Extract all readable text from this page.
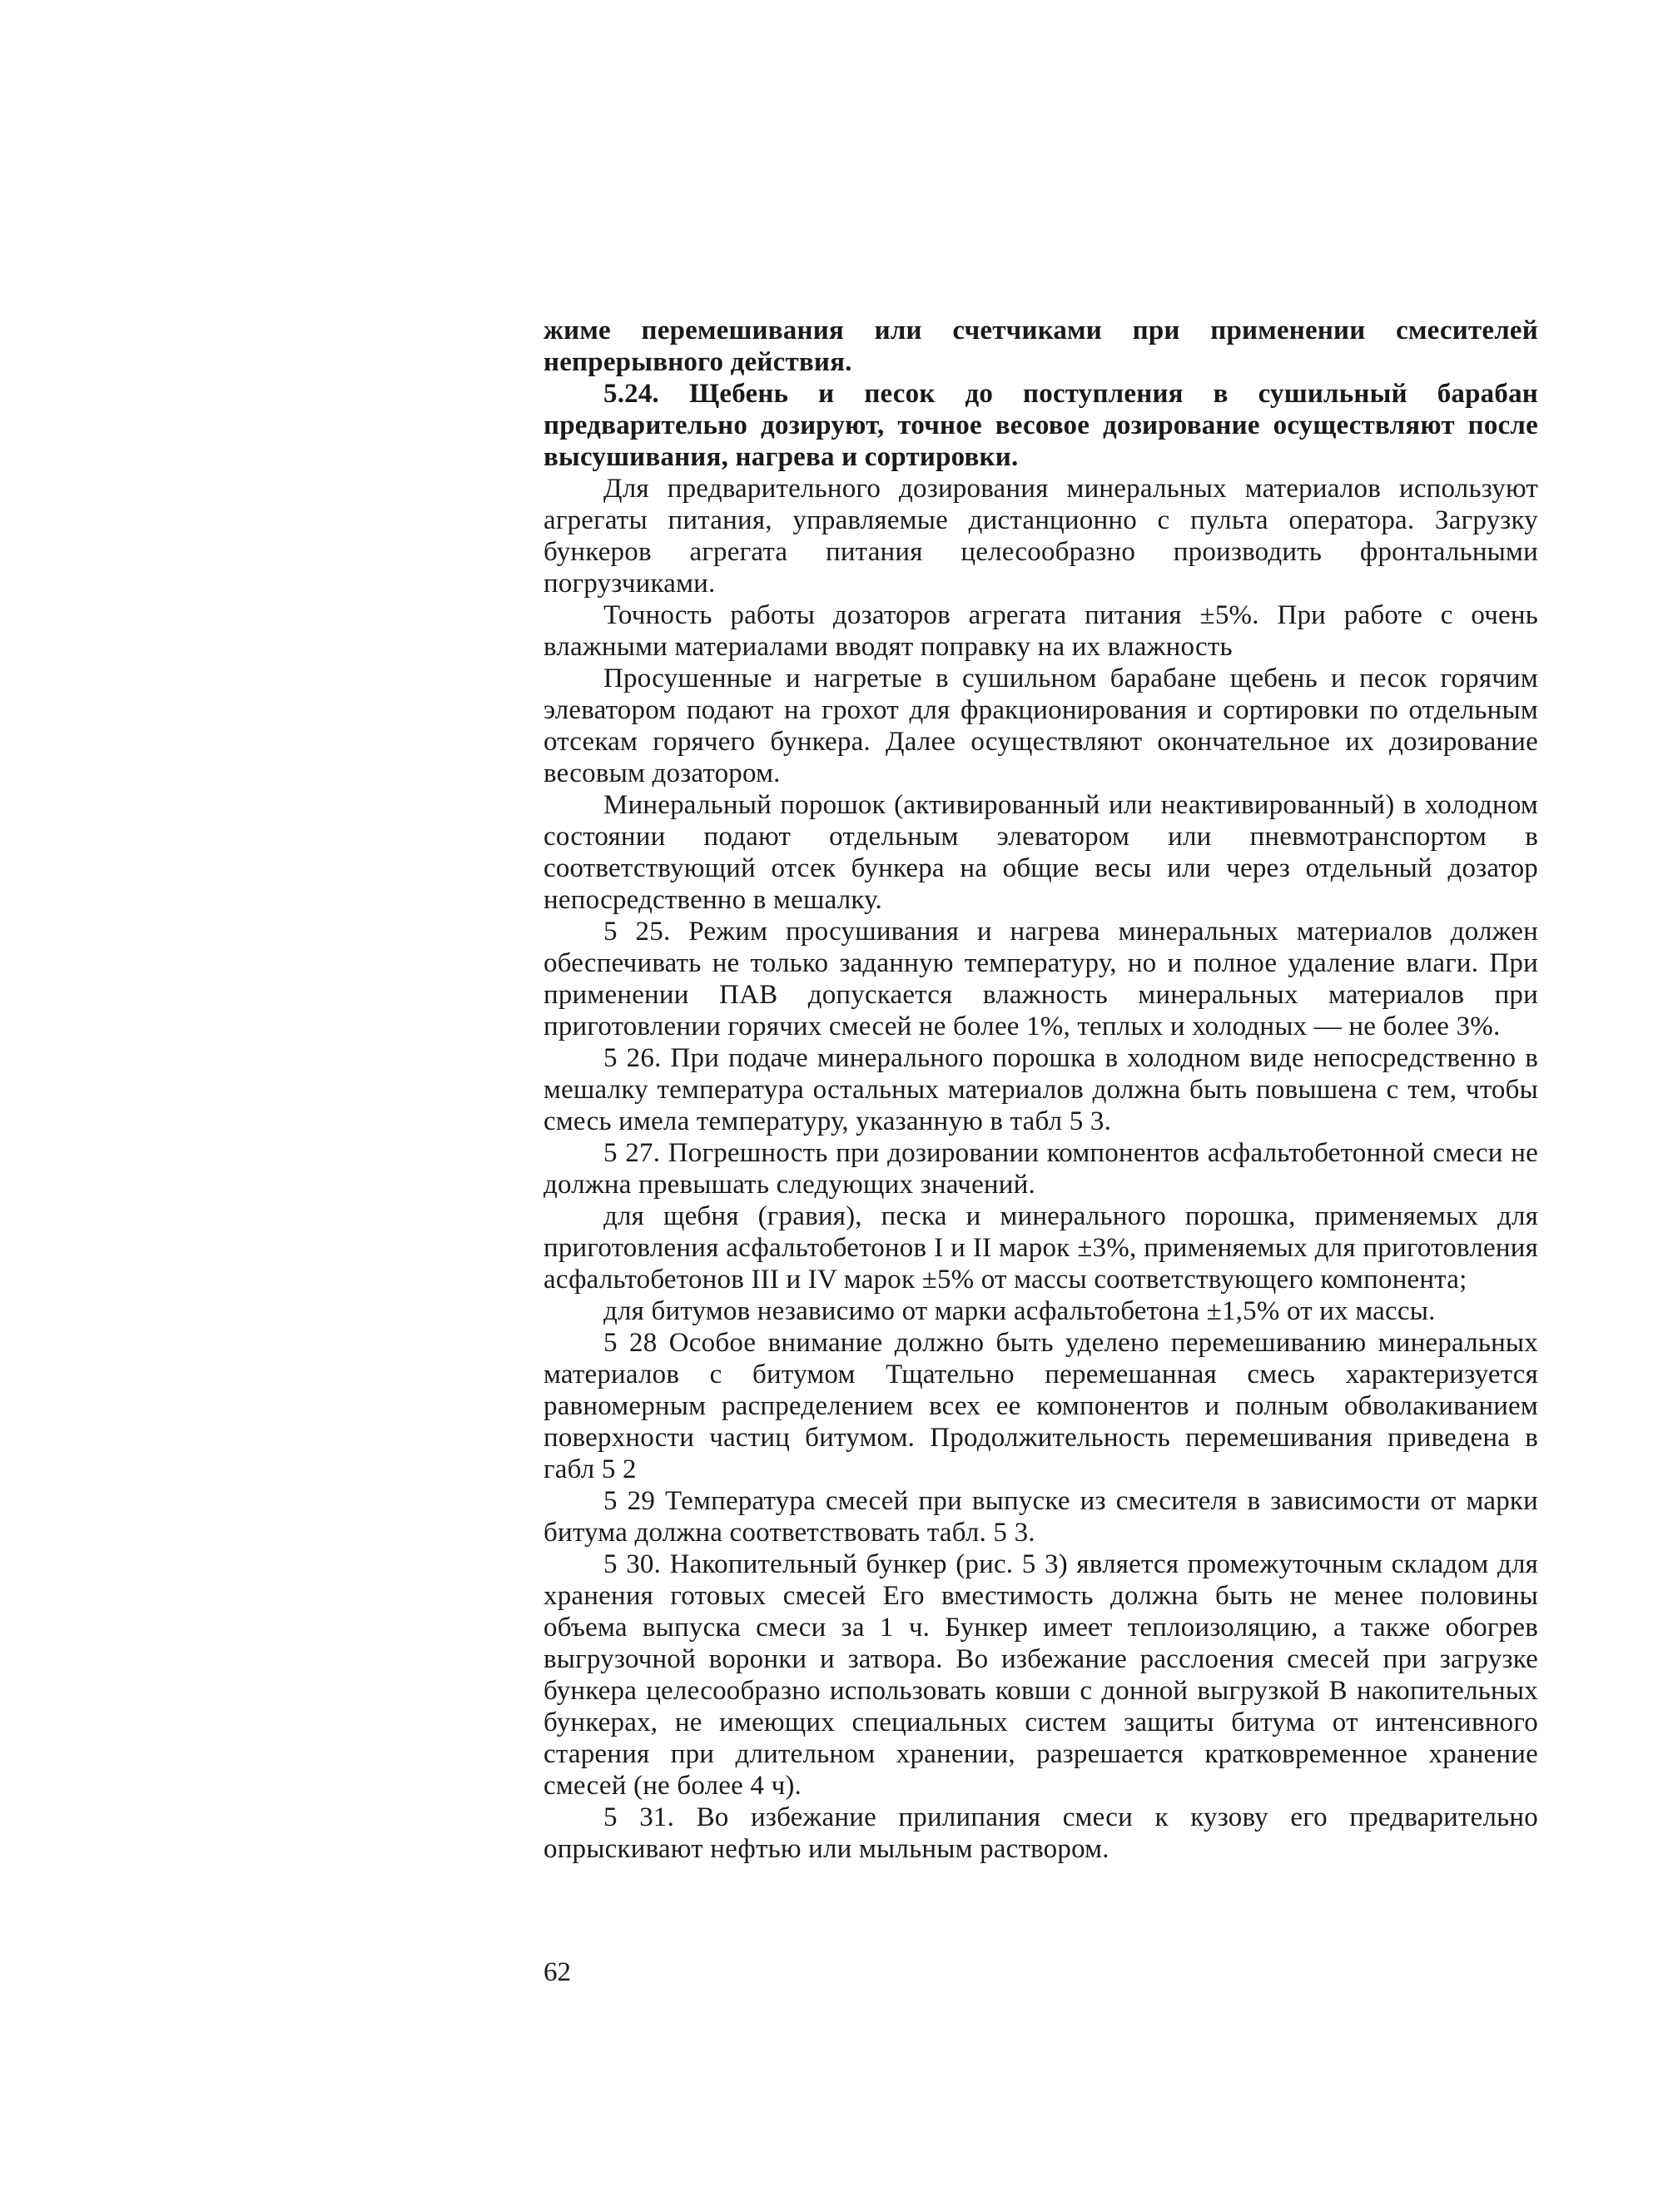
жиме перемешивания или счетчиками при применении смесителей непрерывного действия.

5.24. Щебень и песок до поступления в сушильный барабан предварительно дозируют, точное весовое дозирование осуществляют после высушивания, нагрева и сортировки.

Для предварительного дозирования минеральных материалов используют агрегаты питания, управляемые дистанционно с пульта оператора. Загрузку бункеров агрегата питания целесообразно производить фронтальными погрузчиками.

Точность работы дозаторов агрегата питания ±5%. При работе с очень влажными материалами вводят поправку на их влажность

Просушенные и нагретые в сушильном барабане щебень и песок горячим элеватором подают на грохот для фракционирования и сортировки по отдельным отсекам горячего бункера. Далее осуществляют окончательное их дозирование весовым дозатором.

Минеральный порошок (активированный или неактивированный) в холодном состоянии подают отдельным элеватором или пневмотранспортом в соответствующий отсек бункера на общие весы или через отдельный дозатор непосредственно в мешалку.

5 25. Режим просушивания и нагрева минеральных материалов должен обеспечивать не только заданную температуру, но и полное удаление влаги. При применении ПАВ допускается влажность минеральных материалов при приготовлении горячих смесей не более 1%, теплых и холодных — не более 3%.

5 26. При подаче минерального порошка в холодном виде непосредственно в мешалку температура остальных материалов должна быть повышена с тем, чтобы смесь имела температуру, указанную в табл 5 3.

5 27. Погрешность при дозировании компонентов асфальтобетонной смеси не должна превышать следующих значений.

для щебня (гравия), песка и минерального порошка, применяемых для приготовления асфальтобетонов I и II марок ±3%, применяемых для приготовления асфальтобетонов III и IV марок ±5% от массы соответствующего компонента;

для битумов независимо от марки асфальтобетона ±1,5% от их массы.

5 28 Особое внимание должно быть уделено перемешиванию минеральных материалов с битумом Тщательно перемешанная смесь характеризуется равномерным распределением всех ее компонентов и полным обволакиванием поверхности частиц битумом. Продолжительность перемешивания приведена в габл 5 2

5 29 Температура смесей при выпуске из смесителя в зависимости от марки битума должна соответствовать табл. 5 3.

5 30. Накопительный бункер (рис. 5 3) является промежуточным складом для хранения готовых смесей Его вместимость должна быть не менее половины объема выпуска смеси за 1 ч. Бункер имеет теплоизоляцию, а также обогрев выгрузочной воронки и затвора. Во избежание расслоения смесей при загрузке бункера целесообразно использовать ковши с донной выгрузкой В накопительных бункерах, не имеющих специальных систем защиты битума от интенсивного старения при длительном хранении, разрешается кратковременное хранение смесей (не более 4 ч).

5 31. Во избежание прилипания смеси к кузову его предварительно опрыскивают нефтью или мыльным раствором.

62
